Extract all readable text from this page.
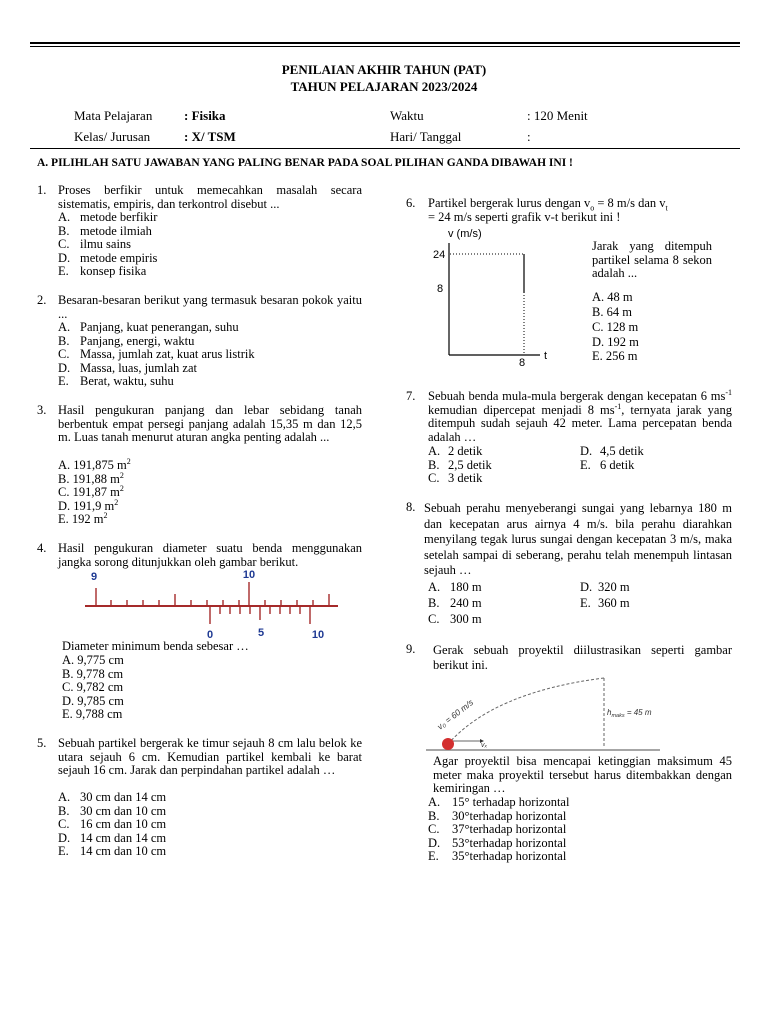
PENILAIAN AKHIR TAHUN (PAT)
TAHUN PELAJARAN 2023/2024
Mata Pelajaran : Fisika	Waktu	: 120 Menit
Kelas/ Jurusan	: X/ TSM	Hari/ Tanggal	:
A. PILIHLAH SATU JAWABAN YANG PALING BENAR PADA SOAL PILIHAN GANDA DIBAWAH INI !
1. Proses berfikir untuk memecahkan masalah secara sistematis, empiris, dan terkontrol disebut ...
A. metode berfikir
B. metode ilmiah
C. ilmu sains
D. metode empiris
E. konsep fisika
2. Besaran-besaran berikut yang termasuk besaran pokok yaitu ...
A. Panjang, kuat penerangan, suhu
B. Panjang, energi, waktu
C. Massa, jumlah zat, kuat arus listrik
D. Massa, luas, jumlah zat
E. Berat, waktu, suhu
3. Hasil pengukuran panjang dan lebar sebidang tanah berbentuk empat persegi panjang adalah 15,35 m dan 12,5 m. Luas tanah menurut aturan angka penting adalah ...
A. 191,875 $m^2$
B. 191,88 $m^2$
C. 191,87 $m^2$
D. 191,9 $m^2$
E. 192 $m^2$
4. Hasil pengukuran diameter suatu benda menggunakan jangka sorong ditunjukkan oleh gambar berikut.
9	10
0	5	10
Diameter minimum benda sebesar …
A. 9,775 cm
B. 9,778 cm
C. 9,782 cm
D. 9,785 cm
E. 9,788 cm
5. Sebuah partikel bergerak ke timur sejauh 8 cm lalu belok ke utara sejauh 6 cm. Kemudian partikel kembali ke barat sejauh 16 cm. Jarak dan perpindahan partikel adalah …
A. 30 cm dan 14 cm
B. 30 cm dan 10 cm
C. 16 cm dan 10 cm
D. 14 cm dan 14 cm
E. 14 cm dan 10 cm
6. Partikel bergerak lurus dengan $v_o = 8$ m/s dan $v_t$
= 24 m/s seperti grafik v-t berikut ini !
v (m/s)
24
8
8
t
Jarak yang ditempuh partikel selama 8 sekon adalah ...
A. 48 m
B. 64 m
C. 128 m
D. 192 m
E. 256 m
7. Sebuah benda mula-mula bergerak dengan kecepatan 6 $ms^{-1}$ kemudian dipercepat menjadi 8 $ms^{-1}$, ternyata jarak yang ditempuh sudah sejauh 42 meter. Lama percepatan benda adalah …
A. 2 detik	D. 4,5 detik
B. 2,5 detik	E. 6 detik
C. 3 detik
8. Sebuah perahu menyeberangi sungai yang lebarnya 180 m dan kecepatan arus airnya 4 m/s. bila perahu diarahkan menyilang tegak lurus sungai dengan kecepatan 3 m/s, maka setelah sampai di seberang, perahu telah menempuh lintasan sejauh …
A. 180 m	D. 320 m
B. 240 m	E. 360 m
C. 300 m
9. Gerak sebuah proyektil diilustrasikan seperti gambar berikut ini.
v₀ = 60 m/s
vₓ
$h_{maks} = 45$ m
Agar proyektil bisa mencapai ketinggian maksimum 45 meter maka proyektil tersebut harus ditembakkan dengan kemiringan …
A. 15° terhadap horizontal
B. 30°terhadap horizontal
C. 37°terhadap horizontal
D. 53°terhadap horizontal
E. 35°terhadap horizontal
